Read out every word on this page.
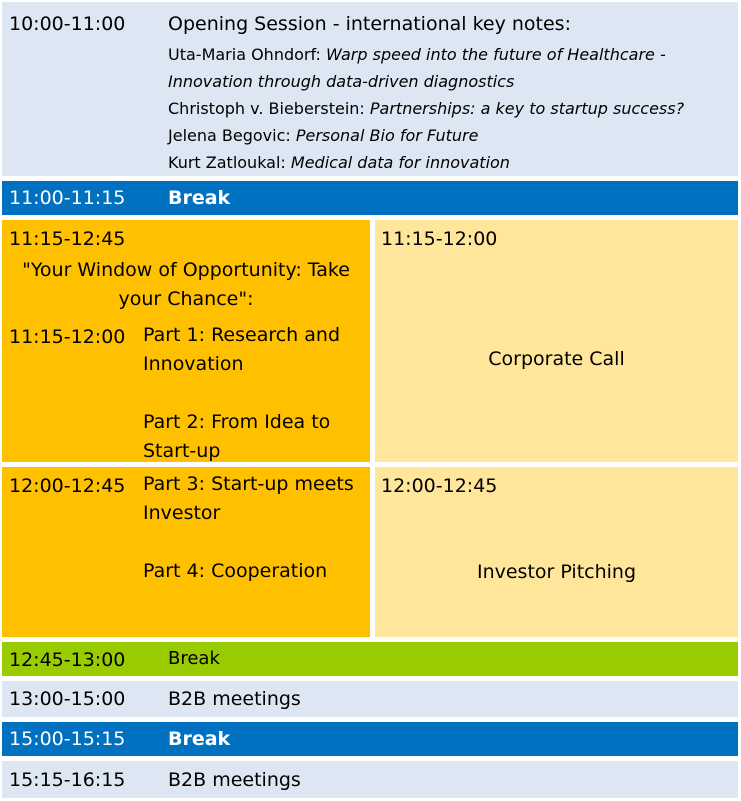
10:00-11:00 Opening Session - international key notes:
Uta-Maria Ohndorf: Warp speed into the future of Healthcare -
Innovation through data-driven diagnostics
Christoph v. Bieberstein: Partnerships: a key to startup success?
Jelena Begovic: Personal Bio for Future
Kurt Zatloukal: Medical data for innovation
11:00-11:15 Break
11:15-12:45
"Your Window of Opportunity: Take
your Chance":
11:15-12:00 Part 1: Research and
Innovation
Part 2: From Idea to
Start-up
11:15-12:00
Corporate Call
12:00-12:45 Part 3: Start-up meets
Investor
Part 4: Cooperation
12:00-12:45
Investor Pitching
12:45-13:00 Break
13:00-15:00 B2B meetings
15:00-15:15 Break
15:15-16:15 B2B meetings
